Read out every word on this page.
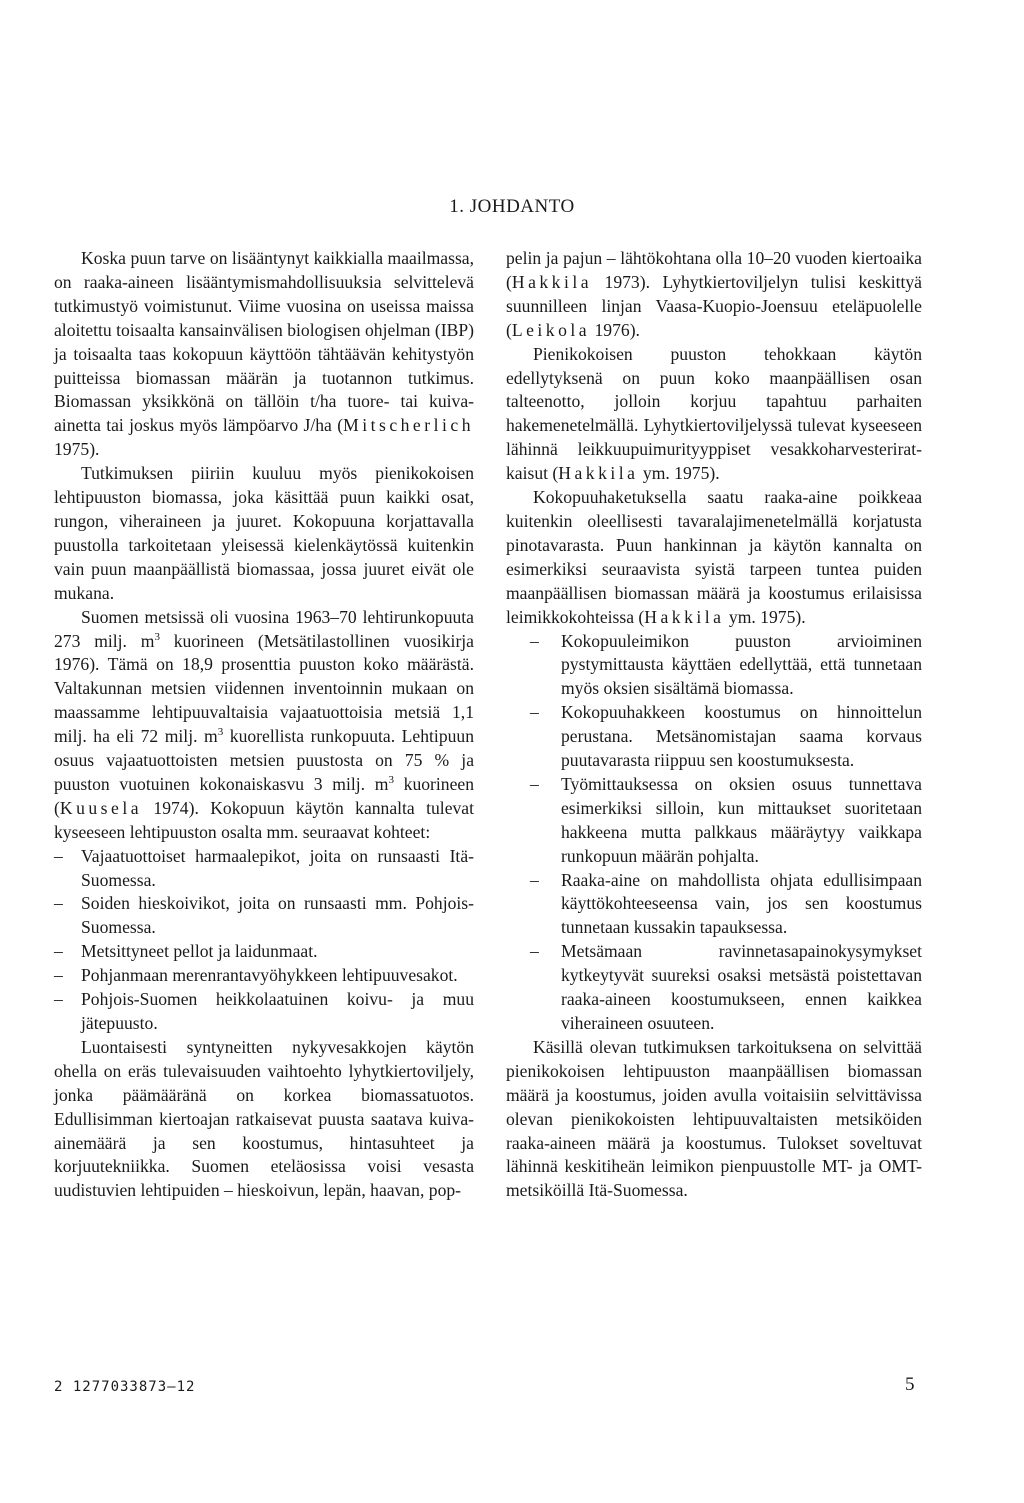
1. JOHDANTO

Koska puun tarve on lisääntynyt kaikkialla maailmassa, on raaka-aineen lisääntymismahdollisuuksia selvittelevä tutkimustyö voimistunut. Viime vuosina on useissa maissa aloitettu toisaalta kansainvälisen biologisen ohjelman (IBP) ja toisaalta taas kokopuun käyttöön tähtäävän kehitystyön puitteissa biomassan määrän ja tuotannon tutkimus. Biomassan yksikkönä on tällöin t/ha tuore- tai kuiva-ainetta tai joskus myös lämpöarvo J/ha (Mitscherlich 1975).

Tutkimuksen piiriin kuuluu myös pienikokoisen lehtipuuston biomassa, joka käsittää puun kaikki osat, rungon, viheraineen ja juuret. Kokopuuna korjattavalla puustolla tarkoitetaan yleisessä kielenkäytössä kuitenkin vain puun maanpäällistä biomassaa, jossa juuret eivät ole mukana.

Suomen metsissä oli vuosina 1963–70 lehtirunkopuuta 273 milj. $m^3$ kuorineen (Metsätilastollinen vuosikirja 1976). Tämä on 18,9 prosenttia puuston koko määrästä. Valtakunnan metsien viidennen inventoinnin mukaan on maassamme lehtipuuvaltaisia vajaatuottoisia metsiä 1,1 milj. ha eli 72 milj. $m^3$ kuorellista runkopuuta. Lehtipuun osuus vajaatuottoisten metsien puustosta on 75 % ja puuston vuotuinen kokonaiskasvu 3 milj. $m^3$ kuorineen (Kuusela 1974). Kokopuun käytön kannalta tulevat kyseeseen lehtipuuston osalta mm. seuraavat kohteet:

– Vajaatuottoiset harmaalepikot, joita on runsaasti Itä-Suomessa.
– Soiden hieskoivikot, joita on runsaasti mm. Pohjois-Suomessa.
– Metsittyneet pellot ja laidunmaat.
– Pohjanmaan merenrantavyöhykkeen lehtipuuvesakot.
– Pohjois-Suomen heikkolaatuinen koivu- ja muu jätepuusto.

Luontaisesti syntyneitten nykyvesakkojen käytön ohella on eräs tulevaisuuden vaihtoehto lyhytkiertoviljely, jonka päämääränä on korkea biomassatuotos. Edullisimman kiertoajan ratkaisevat puusta saatava kuiva-ainemäärä ja sen koostumus, hintasuhteet ja korjuutekniikka. Suomen eteläosissa voisi vesasta uudistuvien lehtipuiden – hieskoivun, lepän, haavan, pop-

pelin ja pajun – lähtökohtana olla 10–20 vuoden kiertoaika (Hakkila 1973). Lyhytkiertoviljelyn tulisi keskittyä suunnilleen linjan Vaasa-Kuopio-Joensuu eteläpuolelle (Leikola 1976).

Pienikokoisen puuston tehokkaan käytön edellytyksenä on puun koko maanpäällisen osan talteenotto, jolloin korjuu tapahtuu parhaiten hakemenetelmällä. Lyhytkiertoviljelyssä tulevat kyseeseen lähinnä leikkuupuimurityyppiset vesakkoharvesteriratkaisut (Hakkila ym. 1975).

Kokopuuhaketuksella saatu raaka-aine poikkeaa kuitenkin oleellisesti tavaralajimenetelmällä korjatusta pinotavarasta. Puun hankinnan ja käytön kannalta on esimerkiksi seuraavista syistä tarpeen tuntea puiden maanpäällisen biomassan määrä ja koostumus erilaisissa leimikkokohteissa (Hakkila ym. 1975).

– Kokopuuleimikon puuston arvioiminen pystymittausta käyttäen edellyttää, että tunnetaan myös oksien sisältämä biomassa.
– Kokopuuhakkeen koostumus on hinnoittelun perustana. Metsänomistajan saama korvaus puutavarasta riippuu sen koostumuksesta.
– Työmittauksessa on oksien osuus tunnettava esimerkiksi silloin, kun mittaukset suoritetaan hakkeena mutta palkkaus määräytyy vaikkapa runkopuun määrän pohjalta.
– Raaka-aine on mahdollista ohjata edullisimpaan käyttökohteeseensa vain, jos sen koostumus tunnetaan kussakin tapauksessa.
– Metsämaan ravinnetasapainokysymykset kytkeytyvät suureksi osaksi metsästä poistettavan raaka-aineen koostumukseen, ennen kaikkea viheraineen osuuteen.

Käsillä olevan tutkimuksen tarkoituksena on selvittää pienikokoisen lehtipuuston maanpäällisen biomassan määrä ja koostumus, joiden avulla voitaisiin selvittävissa olevan pienikokoisten lehtipuuvaltaisten metsiköiden raaka-aineen määrä ja koostumus. Tulokset soveltuvat lähinnä keskitiheän leimikon pienpuustolle MT- ja OMT-metsiköillä Itä-Suomessa.

2 1277033873—12	5
